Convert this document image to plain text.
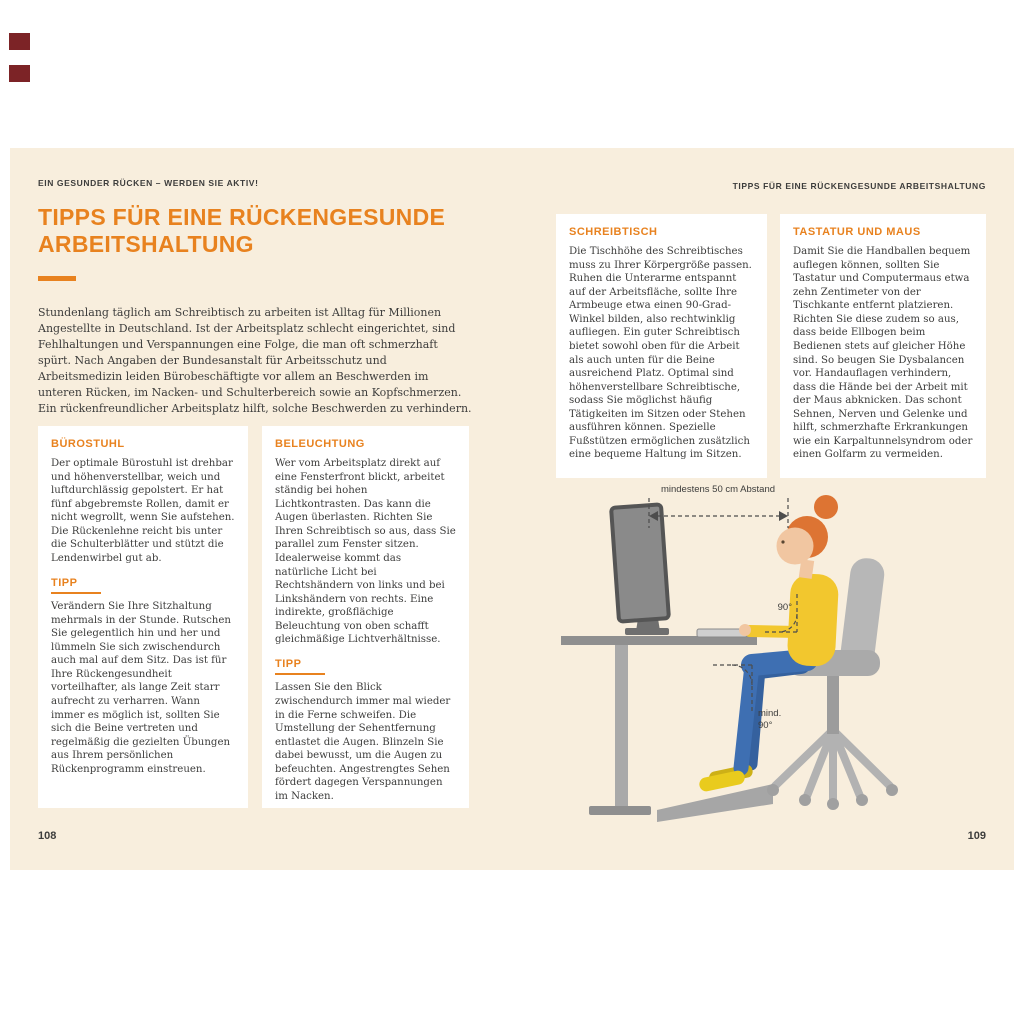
EIN GESUNDER RÜCKEN – WERDEN SIE AKTIV!
TIPPS FÜR EINE RÜCKENGESUNDE ARBEITSHALTUNG

Stundenlang täglich am Schreibtisch zu arbeiten ist Alltag für Millionen Angestellte in Deutschland. Ist der Arbeitsplatz schlecht eingerichtet, sind Fehlhaltungen und Verspannungen eine Folge, die man oft schmerzhaft spürt. Nach Angaben der Bundesanstalt für Arbeitsschutz und Arbeitsmedizin leiden Bürobeschäftigte vor allem an Beschwerden im unteren Rücken, im Nacken- und Schulterbereich sowie an Kopfschmerzen. Ein rückenfreundlicher Arbeitsplatz hilft, solche Beschwerden zu verhindern.

BÜROSTUHL

Der optimale Bürostuhl ist drehbar und höhenverstellbar, weich und luftdurchlässig gepolstert. Er hat fünf abgebremste Rollen, damit er nicht wegrollt, wenn Sie aufstehen. Die Rückenlehne reicht bis unter die Schulterblätter und stützt die Lendenwirbel gut ab.

TIPP

Verändern Sie Ihre Sitzhaltung mehrmals in der Stunde. Rutschen Sie gelegentlich hin und her und lümmeln Sie sich zwischendurch auch mal auf dem Sitz. Das ist für Ihre Rückengesundheit vorteilhafter, als lange Zeit starr aufrecht zu verharren. Wann immer es möglich ist, sollten Sie sich die Beine vertreten und regelmäßig die gezielten Übungen aus Ihrem persönlichen Rückenprogramm einstreuen.

BELEUCHTUNG

Wer vom Arbeitsplatz direkt auf eine Fensterfront blickt, arbeitet ständig bei hohen Lichtkontrasten. Das kann die Augen überlasten. Richten Sie Ihren Schreibtisch so aus, dass Sie parallel zum Fenster sitzen. Idealerweise kommt das natürliche Licht bei Rechtshändern von links und bei Linkshändern von rechts. Eine indirekte, großflächige Beleuchtung von oben schafft gleichmäßige Lichtverhältnisse.

TIPP

Lassen Sie den Blick zwischendurch immer mal wieder in die Ferne schweifen. Die Umstellung der Sehentfernung entlastet die Augen. Blinzeln Sie dabei bewusst, um die Augen zu befeuchten. Angestrengtes Sehen fördert dagegen Verspannungen im Nacken.

108
TIPPS FÜR EINE RÜCKENGESUNDE ARBEITSHALTUNG
SCHREIBTISCH

Die Tischhöhe des Schreibtisches muss zu Ihrer Körpergröße passen. Ruhen die Unterarme entspannt auf der Arbeitsfläche, sollte Ihre Armbeuge etwa einen 90-Grad-Winkel bilden, also rechtwinklig aufliegen. Ein guter Schreibtisch bietet sowohl oben für die Arbeit als auch unten für die Beine ausreichend Platz. Optimal sind höhenverstellbare Schreibtische, sodass Sie möglichst häufig Tätigkeiten im Sitzen oder Stehen ausführen können. Spezielle Fußstützen ermöglichen zusätzlich eine bequeme Haltung im Sitzen.

TASTATUR UND MAUS

Damit Sie die Handballen bequem auflegen können, sollten Sie Tastatur und Computermaus etwa zehn Zentimeter von der Tischkante entfernt platzieren. Richten Sie diese zudem so aus, dass beide Ellbogen beim Bedienen stets auf gleicher Höhe sind. So beugen Sie Dysbalancen vor. Handauflagen verhindern, dass die Hände bei der Arbeit mit der Maus abknicken. Das schont Sehnen, Nerven und Gelenke und hilft, schmerzhafte Erkrankungen wie ein Karpaltunnelsyndrom oder einen Golfarm zu vermeiden.

mindestens 50 cm Abstand
90°
mind.
90°
109
